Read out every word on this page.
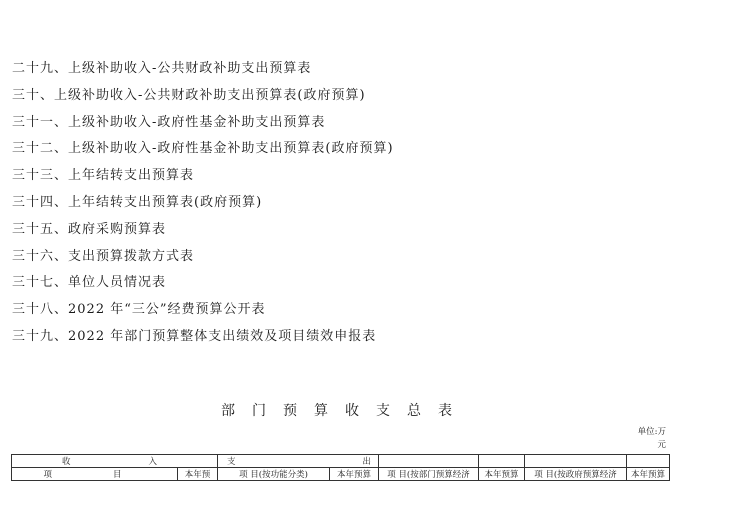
二十九、上级补助收入-公共财政补助支出预算表
三十、上级补助收入-公共财政补助支出预算表(政府预算)
三十一、上级补助收入-政府性基金补助支出预算表
三十二、上级补助收入-政府性基金补助支出预算表(政府预算)
三十三、上年结转支出预算表
三十四、上年结转支出预算表(政府预算)
三十五、政府采购预算表
三十六、支出预算拨款方式表
三十七、单位人员情况表
三十八、2022 年“三公”经费预算公开表
三十九、2022 年部门预算整体支出绩效及项目绩效申报表
部门预算收支总表
单位:万
元
收 入		支 出					

项 目	本年预	项 目(按功能分类)	本年预算	项 目(按部门预算经济	本年预算	项 目(按政府预算经济	本年预算
